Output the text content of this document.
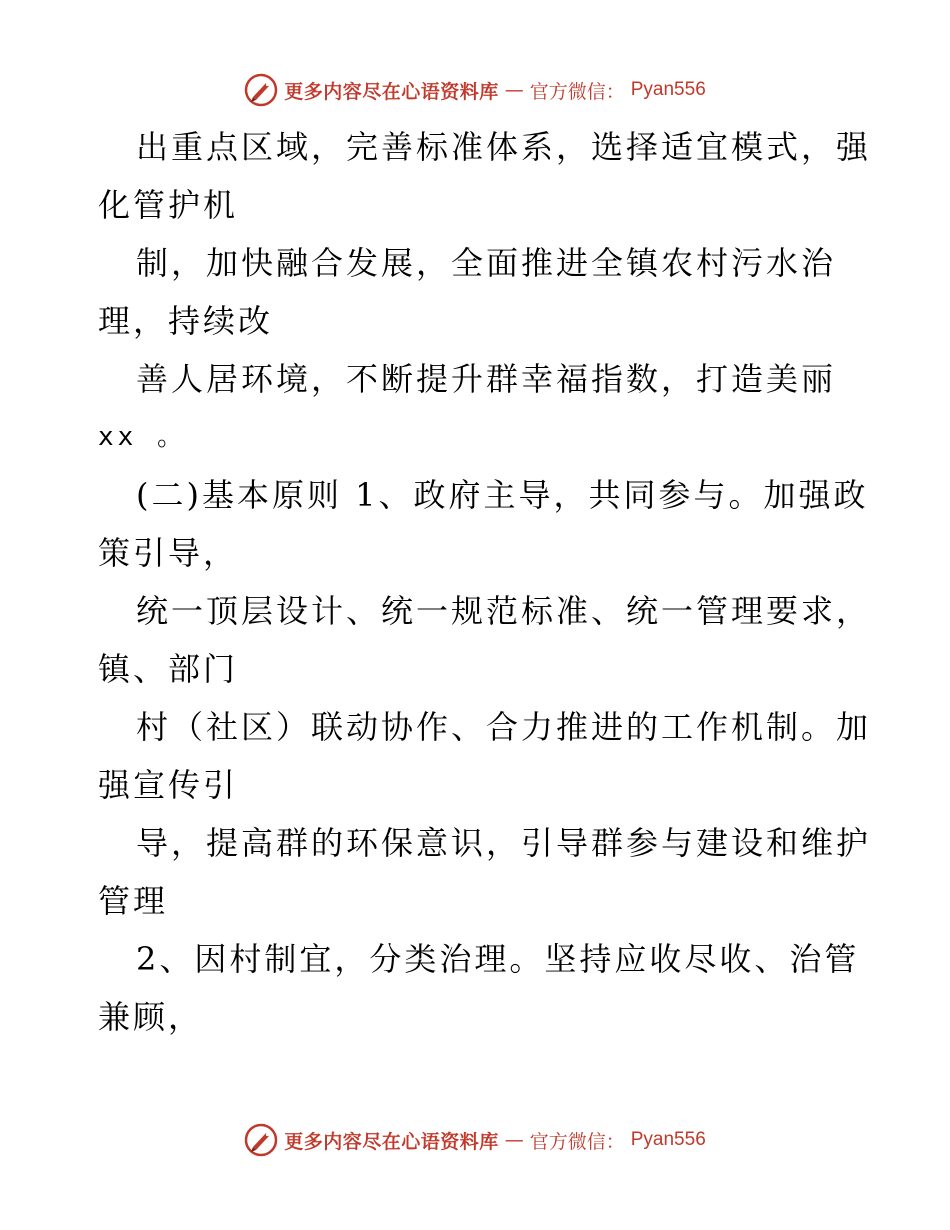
更多内容尽在心语资料库 — 官方微信： Pyan556
出重点区域，完善标准体系，选择适宜模式，强
化管护机
制，加快融合发展，全面推进全镇农村污水治
理，持续改
善人居环境，不断提升群幸福指数，打造美丽
xx 。
(二)基本原则 1、政府主导，共同参与。加强政
策引导，
统一顶层设计、统一规范标准、统一管理要求，
镇、部门
村（社区）联动协作、合力推进的工作机制。加
强宣传引
导，提高群的环保意识，引导群参与建设和维护
管理
2、因村制宜，分类治理。坚持应收尽收、治管
兼顾，
更多内容尽在心语资料库 — 官方微信： Pyan556
